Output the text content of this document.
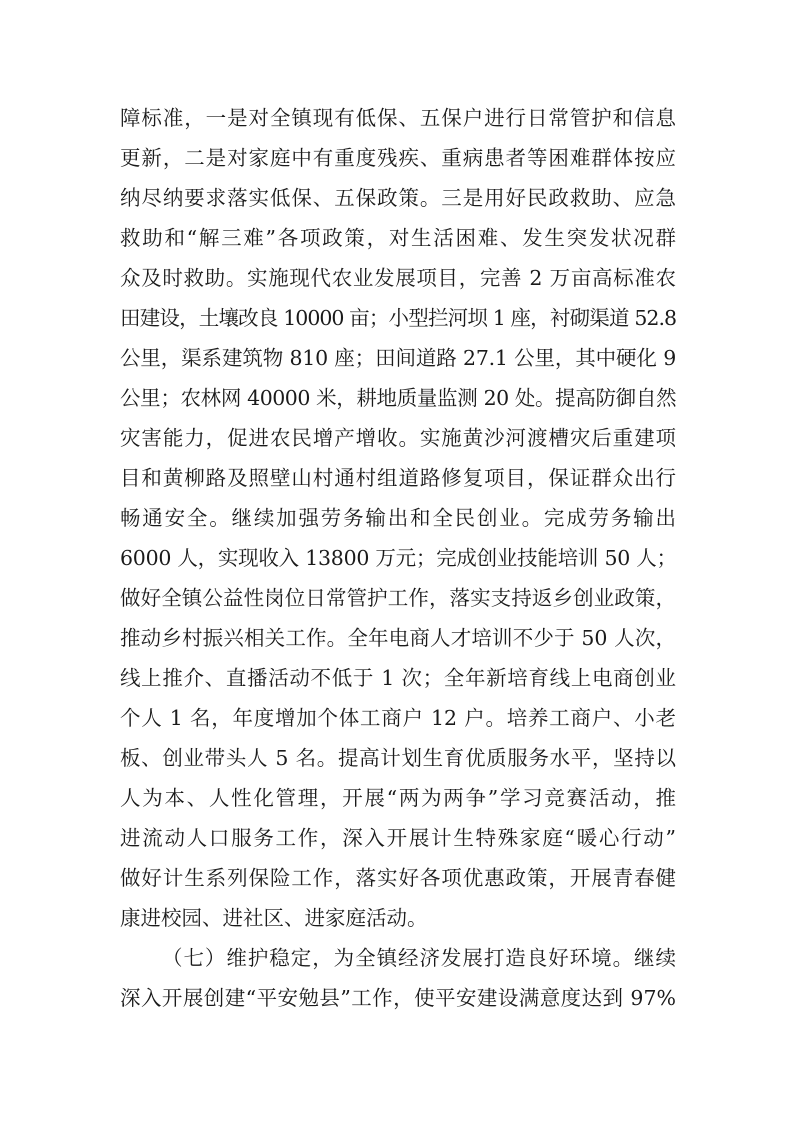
障标准，一是对全镇现有低保、五保户进行日常管护和信息
更新，二是对家庭中有重度残疾、重病患者等困难群体按应
纳尽纳要求落实低保、五保政策。三是用好民政救助、应急
救助和“解三难”各项政策，对生活困难、发生突发状况群
众及时救助。实施现代农业发展项目，完善 2 万亩高标准农
田建设，土壤改良 10000 亩；小型拦河坝 1 座，衬砌渠道 52.8
公里，渠系建筑物 810 座；田间道路 27.1 公里，其中硬化 9
公里；农林网 40000 米，耕地质量监测 20 处。提高防御自然
灾害能力，促进农民增产增收。实施黄沙河渡槽灾后重建项
目和黄柳路及照壁山村通村组道路修复项目，保证群众出行
畅通安全。继续加强劳务输出和全民创业。完成劳务输出
6000 人，实现收入 13800 万元；完成创业技能培训 50 人；
做好全镇公益性岗位日常管护工作，落实支持返乡创业政策，
推动乡村振兴相关工作。全年电商人才培训不少于 50 人次，
线上推介、直播活动不低于 1 次；全年新培育线上电商创业
个人 1 名，年度增加个体工商户 12 户。培养工商户、小老
板、创业带头人 5 名。提高计划生育优质服务水平，坚持以
人为本、人性化管理，开展“两为两争”学习竞赛活动，推
进流动人口服务工作，深入开展计生特殊家庭“暖心行动”
做好计生系列保险工作，落实好各项优惠政策，开展青春健
康进校园、进社区、进家庭活动。
（七）维护稳定，为全镇经济发展打造良好环境。继续
深入开展创建“平安勉县”工作，使平安建设满意度达到 97%
